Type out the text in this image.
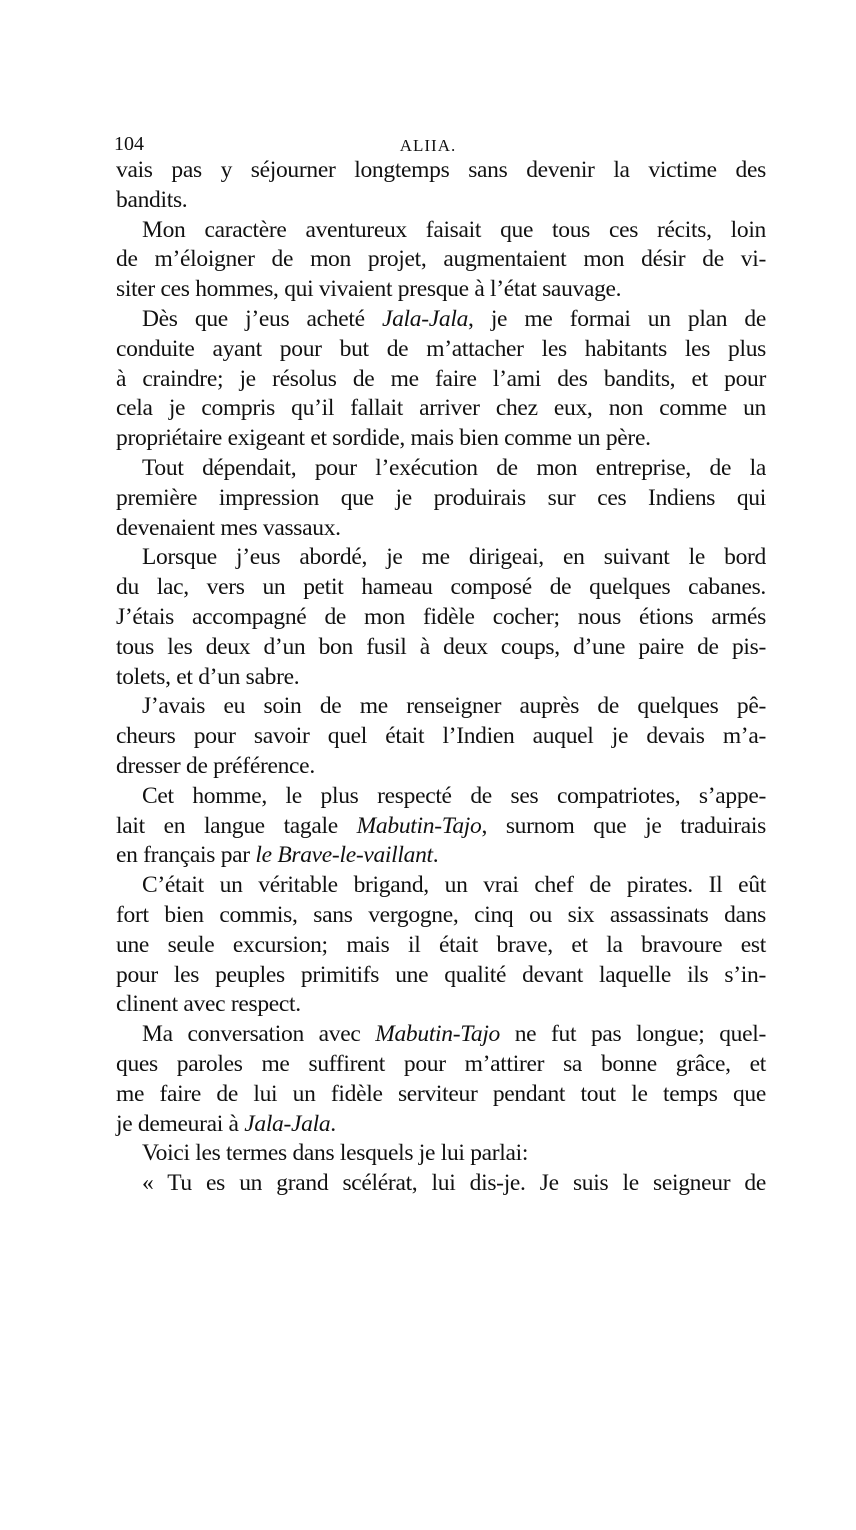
104	ALIIA.
vais pas y séjourner longtemps sans devenir la victime des
bandits.
Mon caractère aventureux faisait que tous ces récits, loin
de m’éloigner de mon projet, augmentaient mon désir de vi-
siter ces hommes, qui vivaient presque à l’état sauvage.
Dès que j’eus acheté Jala-Jala, je me formai un plan de
conduite ayant pour but de m’attacher les habitants les plus
à craindre; je résolus de me faire l’ami des bandits, et pour
cela je compris qu’il fallait arriver chez eux, non comme un
propriétaire exigeant et sordide, mais bien comme un père.
Tout dépendait, pour l’exécution de mon entreprise, de la
première impression que je produirais sur ces Indiens qui
devenaient mes vassaux.
Lorsque j’eus abordé, je me dirigeai, en suivant le bord
du lac, vers un petit hameau composé de quelques cabanes.
J’étais accompagné de mon fidèle cocher; nous étions armés
tous les deux d’un bon fusil à deux coups, d’une paire de pis-
tolets, et d’un sabre.
J’avais eu soin de me renseigner auprès de quelques pê-
cheurs pour savoir quel était l’Indien auquel je devais m’a-
dresser de préférence.
Cet homme, le plus respecté de ses compatriotes, s’appe-
lait en langue tagale Mabutin-Tajo, surnom que je traduirais
en français par le Brave-le-vaillant.
C’était un véritable brigand, un vrai chef de pirates. Il eût
fort bien commis, sans vergogne, cinq ou six assassinats dans
une seule excursion; mais il était brave, et la bravoure est
pour les peuples primitifs une qualité devant laquelle ils s’in-
clinent avec respect.
Ma conversation avec Mabutin-Tajo ne fut pas longue; quel-
ques paroles me suffirent pour m’attirer sa bonne grâce, et
me faire de lui un fidèle serviteur pendant tout le temps que
je demeurai à Jala-Jala.
Voici les termes dans lesquels je lui parlai:
« Tu es un grand scélérat, lui dis-je. Je suis le seigneur de
